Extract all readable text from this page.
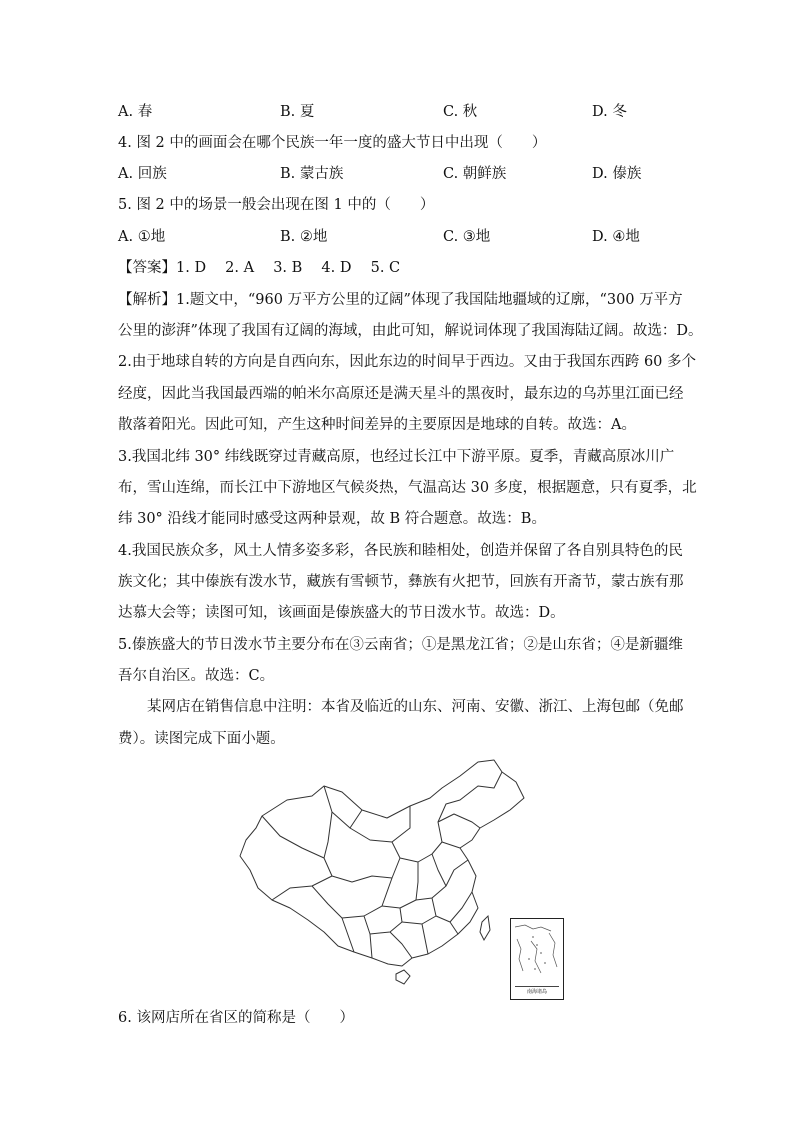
A. 春	B. 夏	C. 秋	D. 冬
4. 图 2 中的画面会在哪个民族一年一度的盛大节日中出现（　　）
A. 回族	B. 蒙古族	C. 朝鲜族	D. 傣族
5. 图 2 中的场景一般会出现在图 1 中的（　　）
A. ①地	B. ②地	C. ③地	D. ④地
【答案】1. D　 2. A　 3. B　 4. D　 5. C
【解析】1.题文中，“960 万平方公里的辽阔”体现了我国陆地疆域的辽廓，“300 万平方
公里的澎湃”体现了我国有辽阔的海域，由此可知，解说词体现了我国海陆辽阔。故选：D。
2.由于地球自转的方向是自西向东，因此东边的时间早于西边。又由于我国东西跨 60 多个
经度，因此当我国最西端的帕米尔高原还是满天星斗的黑夜时，最东边的乌苏里江面已经
散落着阳光。因此可知，产生这种时间差异的主要原因是地球的自转。故选：A。
3.我国北纬 30° 纬线既穿过青藏高原，也经过长江中下游平原。夏季，青藏高原冰川广
布，雪山连绵，而长江中下游地区气候炎热，气温高达 30 多度，根据题意，只有夏季，北
纬 30° 沿线才能同时感受这两种景观，故 B 符合题意。故选：B。
4.我国民族众多，风土人情多姿多彩，各民族和睦相处，创造并保留了各自别具特色的民
族文化；其中傣族有泼水节，藏族有雪顿节，彝族有火把节，回族有开斋节，蒙古族有那
达慕大会等；读图可知，该画面是傣族盛大的节日泼水节。故选：D。
5.傣族盛大的节日泼水节主要分布在③云南省；①是黑龙江省；②是山东省；④是新疆维
吾尔自治区。故选：C。
　　某网店在销售信息中注明：本省及临近的山东、河南、安徽、浙江、上海包邮（免邮
费）。读图完成下面小题。
南海诸岛
6. 该网店所在省区的简称是（　　）
